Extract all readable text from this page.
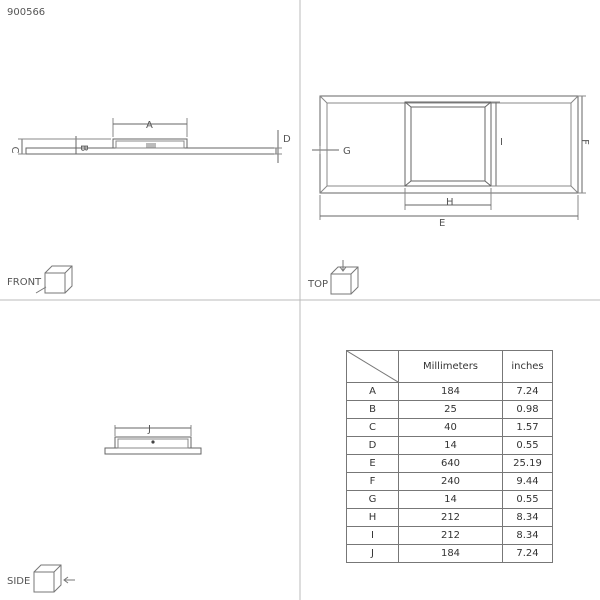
900566
A
B
C
D
FRONT
I	F
H
E
G
TOP
J
SIDE
	Millimeters	inches
A	184	7.24
B	25	0.98
C	40	1.57
D	14	0.55
E	640	25.19
F	240	9.44
G	14	0.55
H	212	8.34
I	212	8.34
J	184	7.24
